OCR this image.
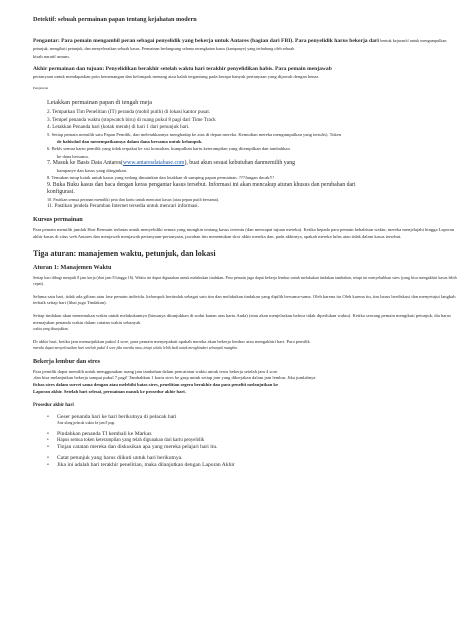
Detektif: sebuah permainan papan tentang kejahatan modern

Pengantar: Para pemain mengambil peran sebagai penyelidik yang bekerja untuk Antares (bagian dari FBI). Para penyelidik harus bekerja dari bentuk kejaran/tf untuk mengumpulkan petunjuk, mengikuti petunjuk, dan menyelesaikan sebuah kasus. Permainan berlangsung selama serangkaian kasus (kampanye) yang terhubung oleh sebuah
kisah naratif umum.

Akhir permainan dan tujuan: Penyelidikan berakhir setelah waktu hari terakhir penyelidikan habis. Para pemain menjawab
pertanyaan untuk mendapatkan poin kemenangan dan kelompok menang atau kalah tergantung pada berapa banyak pertanyaan yang dijawab dengan benar.

Pengaturan

Letakkan permainan papan di tengah meja

2. Tempatkan Tim Penelitian (IT) peranda (mobil putih) di lokasi kantor pusat.
3. Tempel penanda waktu (stopwatch biru) di ruang pukul 8 pagi dari Time Track
4. Letakkan Penanda hari (kotak merah) di hari 1 dari penunjuk hari.
5. Setiap pemain memilih satu Papan Pemilik, dan meletakkannya menghadap ke atas di depan mereka. Kemudian mereka mengumpulkan yang tertulis). Token
de habisdad dan menempatkannya dalam dana bersama untuk kelompok.
6. Bekls semua kartu pemilik yang tidak terpakai ke sisi konsultan, kumpulkan kartu keterampilan yang ditempilkan dan tambahkan
ke dana bersama.
7. Masuk ke Basis Data Antares(www.antaresdatabase.com), buat akun sesuai kebutuhan danmemilih yang
kampanye dan kasus yang diinginkan.
8. Temukan tutup kotak untuk kasus yang sedang dimainkan dan letakkan di samping papan permainan. ???Jangan dacak!!!
9. Buka Buku kasus dan baca dengan keras pengantar kasus tersebut. Informasi ini akan mencakup aturan khusus dan perubahan dari
konfigurasi.
10. Pastikan semua peranan memiliki peta dan kartu untuk mencatat kasus (atau pepan putih bersama).
11. Pastikan jendela Peramban Internet tersedia untuk mencari informasi.
Kursus permainan

Para pemain memilih jumlah Hari Bermain terbatas untuk menyelidiki semua yang mungkin tentang kasus tertentu (dan mencapai tujuan mereka). Ketika kepada para pemain kehabisan waktu, mereka menjelajahi hingga Laporan akhir kasus di situs web Antares dan menjawab menjawab pertanyaan-pertanyaan, jawaban tim menentukan skor akhir mereka dan, pada akhirnya, apakah mereka lulus atau tidak dalam kasus tersebut.

Tiga aturan: manajemen waktu, petunjuk, dan lokasi
Aturan 1: Manajemen Waktu

Setiap hari dibagi menjadi 8 jam kerja (dari jam 8 hingga 16). Waktu ini dapat digunakan untuk melakukan tindakan. Para pemain juga dapat bekerja lembur untuk melakukan tindakan tambahan, tetapi ini menyebabkan stres (yang bisa mengakhiri kasus lebih cepat).

Selama satu hari, tidak ada giliran atau fase pemain individu. kelompok bertindak sebagai satu tim dan melakukan tindakan yang dipilih bersama-sama. Oleh karena itu Oleh karena itu, tim harus berdiskusi dan menyetujui langkah terbaik setiap hari (lihat juga Tindakan).

Setiap tindakan akan menentukan waktu untuk melakukannya (biasanya ditunjukkan di sudut kanan atas kartu Anda) (atau akan menjelaskan bahwa tidak diperlukan waktu). Ketika seorang pemain mengikuti petunjuk, dia harus memajukan penanda waktu dalam catatan waktu sebanyak
waktu yang ditunjukkan.

Di akhir hari, ketika jam menunjukkan pukul 4 sore, para pemain menyepakati apakah mereka akan bekerja lembur atau mengakhiri hari. Para pemilik
mereka dapat menyelesaikan hari setelah pukul 4 sore jika mereka mau, tetapi selalu lebih baik untuk menghindari sebanyak mungkin.

Bekerja lembur dan stres

Para pemilik dapat memilih untuk menggunakan ruang jam tambahan dalam pencatatan waktu untuk terus bekerja setelah jam 4 sore.
,dan bisa melanjutkan bekerja sampai pukul 7 pagi! Tambahkan 1 kartu stres ke grup untuk setiap jam yang dikerjakan dalam jam lembur. Jika jumlahnya
fichas stres dalam survei sama dengan atau melebihi batas stres, penelitian segera berakhir dan para peneliti melanjutkan ke
Laporan akhir. Setelah hari selesai, permainan masuk ke prosedur akhir hari.

Prosedur akhir hari

• Geser penanda hari ke hari berikutnya di pelacak hari
Atur ulang pelacak waktu ke jam 8 pagi.
• Pindahkan penanda TI kembali ke Markas
• Hapus semua token keterampilan yang telah digunakan dari kartu penyelidik
• Tinjau catatan mereka dan diskusikan apa yang mereka pelajari hari itu.
• Catat petunjuk yang harus diikuti untuk hari berikutnya.
• Jika ini adalah hari terakhir penelitian, maka dilanjutkan dengan Laporan Akhir
